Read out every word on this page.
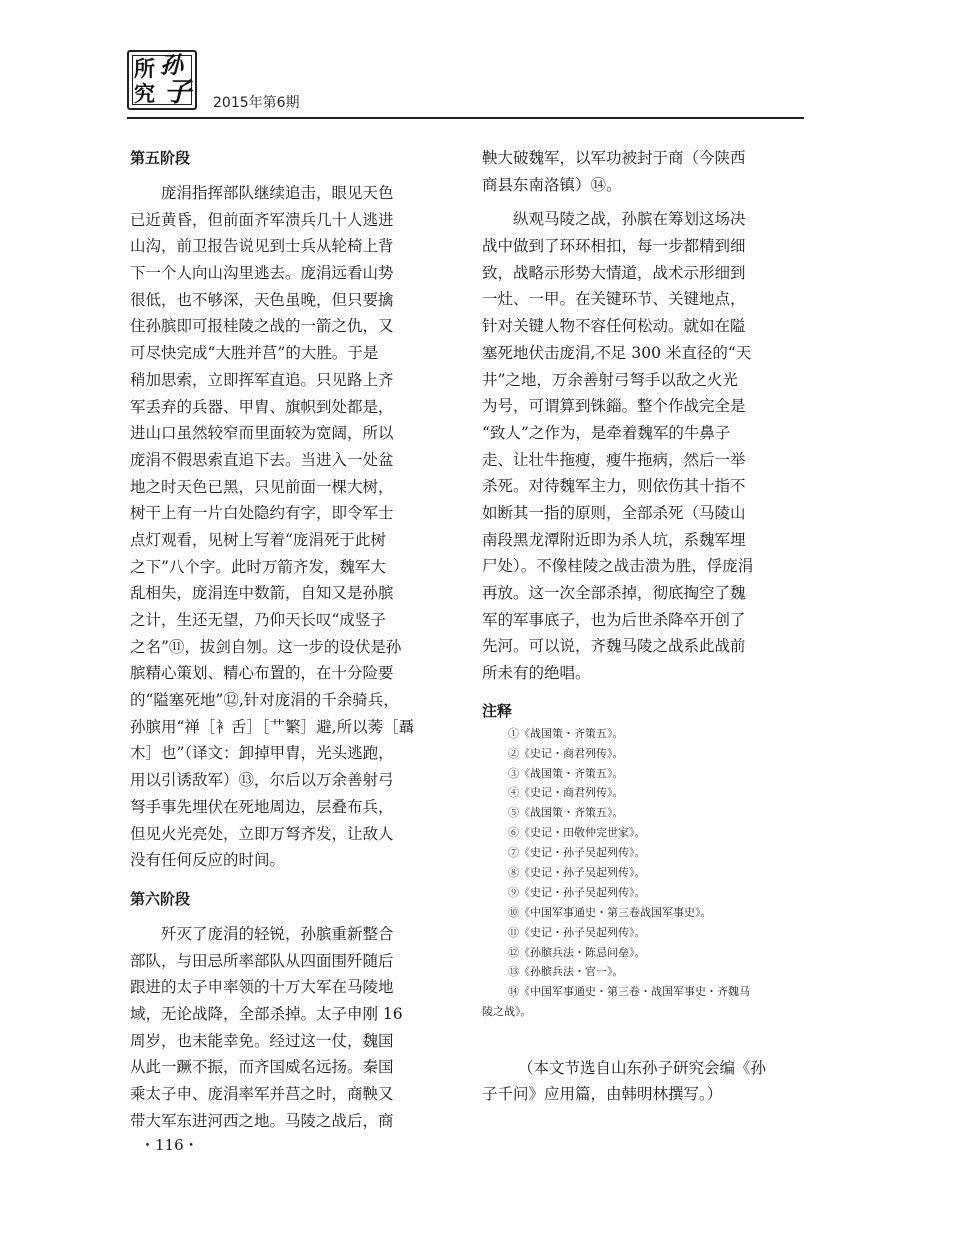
所
究
孙
子 2015年第6期
第五阶段
庞涓指挥部队继续追击，眼见天色
已近黄昏，但前面齐军溃兵几十人逃进
山沟，前卫报告说见到士兵从轮椅上背
下一个人向山沟里逃去。庞涓远看山势
很低，也不够深，天色虽晚，但只要擒
住孙膑即可报桂陵之战的一箭之仇，又
可尽快完成“大胜并莒”的大胜。于是
稍加思索，立即挥军直追。只见路上齐
军丢弃的兵器、甲胄、旗帜到处都是，
进山口虽然较窄而里面较为宽阔，所以
庞涓不假思索直追下去。当进入一处盆
地之时天色已黑，只见前面一棵大树，
树干上有一片白处隐约有字，即令军士
点灯观看，见树上写着“庞涓死于此树
之下”八个字。此时万箭齐发，魏军大
乱相失，庞涓连中数箭，自知又是孙膑
之计，生还无望，乃仰天长叹“成竖子
之名”⑪，拔剑自刎。这一步的设伏是孙
膑精心策划、精心布置的，在十分险要
的“隘塞死地”⑫,针对庞涓的千余骑兵，
孙膑用“禅［衤舌］［艹繁］避,所以莠［聶
木］也”（译文：卸掉甲胄，光头逃跑，
用以引诱敌军）⑬，尔后以万余善射弓
弩手事先埋伏在死地周边，层叠布兵，
但见火光亮处，立即万弩齐发，让敌人
没有任何反应的时间。
第六阶段
歼灭了庞涓的轻锐，孙膑重新整合
部队，与田忌所率部队从四面围歼随后
跟进的太子申率领的十万大军在马陵地
域，无论战降，全部杀掉。太子申刚 16
周岁，也未能幸免。经过这一仗，魏国
从此一蹶不振，而齐国威名远扬。秦国
乘太子申、庞涓率军并莒之时，商鞅又
带大军东进河西之地。马陵之战后，商
鞅大破魏军，以军功被封于商（今陕西
商县东南洛镇）⑭。
纵观马陵之战，孙膑在筹划这场决
战中做到了环环相扣，每一步都精到细
致，战略示形势大情道，战术示形细到
一灶、一甲。在关键环节、关键地点，
针对关键人物不容任何松动。就如在隘
塞死地伏击庞涓,不足 300 米直径的“天
井”之地，万余善射弓弩手以敌之火光
为号，可谓算到铢錙。整个作战完全是
“致人”之作为，是牵着魏军的牛鼻子
走、让壮牛拖瘦，瘦牛拖病，然后一举
杀死。对待魏军主力，则依伤其十指不
如断其一指的原则，全部杀死（马陵山
南段黑龙潭附近即为杀人坑，系魏军埋
尸处）。不像桂陵之战击溃为胜，俘庞涓
再放。这一次全部杀掉，彻底掏空了魏
军的军事底子，也为后世杀降卒开创了
先河。可以说，齐魏马陵之战系此战前
所未有的绝唱。
注释
①《战国策・齐策五》。
②《史记・商君列传》。
③《战国策・齐策五》。
④《史记・商君列传》。
⑤《战国策・齐策五》。
⑥《史记・田敬仲完世家》。
⑦《史记・孙子吴起列传》。
⑧《史记・孙子吴起列传》。
⑨《史记・孙子吴起列传》。
⑩《中国军事通史・第三卷战国军事史》。
⑪《史记・孙子吴起列传》。
⑫《孙膑兵法・陈忌问垒》。
⑬《孙膑兵法・官一》。
⑭《中国军事通史・第三卷・战国军事史・齐魏马
陵之战》。
（本文节选自山东孙子研究会编《孙
子千问》应用篇，由韩明林撰写。）
・116・
